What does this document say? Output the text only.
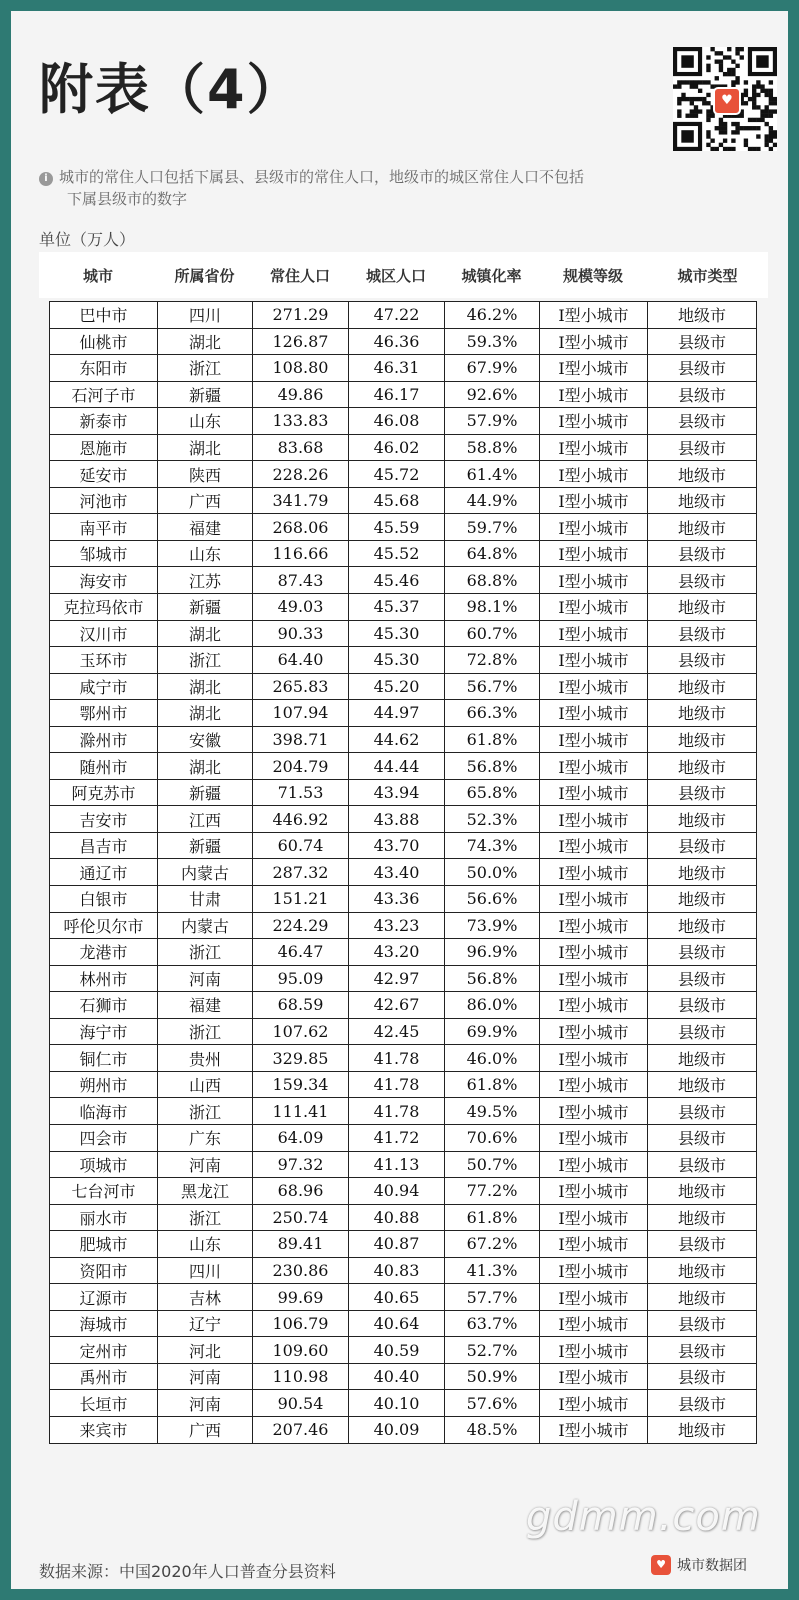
附表（4）	♥
i 城市的常住人口包括下属县、县级市的常住人口，地级市的城区常住人口不包括
下属县级市的数字
单位（万人）
城市	所属省份	常住人口	城区人口	城镇化率	规模等级	城市类型
巴中市	四川	271.29	47.22	46.2%	Ⅰ型小城市	地级市
仙桃市	湖北	126.87	46.36	59.3%	Ⅰ型小城市	县级市
东阳市	浙江	108.80	46.31	67.9%	Ⅰ型小城市	县级市
石河子市	新疆	49.86	46.17	92.6%	Ⅰ型小城市	县级市
新泰市	山东	133.83	46.08	57.9%	Ⅰ型小城市	县级市
恩施市	湖北	83.68	46.02	58.8%	Ⅰ型小城市	县级市
延安市	陕西	228.26	45.72	61.4%	Ⅰ型小城市	地级市
河池市	广西	341.79	45.68	44.9%	Ⅰ型小城市	地级市
南平市	福建	268.06	45.59	59.7%	Ⅰ型小城市	地级市
邹城市	山东	116.66	45.52	64.8%	Ⅰ型小城市	县级市
海安市	江苏	87.43	45.46	68.8%	Ⅰ型小城市	县级市
克拉玛依市	新疆	49.03	45.37	98.1%	Ⅰ型小城市	地级市
汉川市	湖北	90.33	45.30	60.7%	Ⅰ型小城市	县级市
玉环市	浙江	64.40	45.30	72.8%	Ⅰ型小城市	县级市
咸宁市	湖北	265.83	45.20	56.7%	Ⅰ型小城市	地级市
鄂州市	湖北	107.94	44.97	66.3%	Ⅰ型小城市	地级市
滁州市	安徽	398.71	44.62	61.8%	Ⅰ型小城市	地级市
随州市	湖北	204.79	44.44	56.8%	Ⅰ型小城市	地级市
阿克苏市	新疆	71.53	43.94	65.8%	Ⅰ型小城市	县级市
吉安市	江西	446.92	43.88	52.3%	Ⅰ型小城市	地级市
昌吉市	新疆	60.74	43.70	74.3%	Ⅰ型小城市	县级市
通辽市	内蒙古	287.32	43.40	50.0%	Ⅰ型小城市	地级市
白银市	甘肃	151.21	43.36	56.6%	Ⅰ型小城市	地级市
呼伦贝尔市	内蒙古	224.29	43.23	73.9%	Ⅰ型小城市	地级市
龙港市	浙江	46.47	43.20	96.9%	Ⅰ型小城市	县级市
林州市	河南	95.09	42.97	56.8%	Ⅰ型小城市	县级市
石狮市	福建	68.59	42.67	86.0%	Ⅰ型小城市	县级市
海宁市	浙江	107.62	42.45	69.9%	Ⅰ型小城市	县级市
铜仁市	贵州	329.85	41.78	46.0%	Ⅰ型小城市	地级市
朔州市	山西	159.34	41.78	61.8%	Ⅰ型小城市	地级市
临海市	浙江	111.41	41.78	49.5%	Ⅰ型小城市	县级市
四会市	广东	64.09	41.72	70.6%	Ⅰ型小城市	县级市
项城市	河南	97.32	41.13	50.7%	Ⅰ型小城市	县级市
七台河市	黑龙江	68.96	40.94	77.2%	Ⅰ型小城市	地级市
丽水市	浙江	250.74	40.88	61.8%	Ⅰ型小城市	地级市
肥城市	山东	89.41	40.87	67.2%	Ⅰ型小城市	县级市
资阳市	四川	230.86	40.83	41.3%	Ⅰ型小城市	地级市
辽源市	吉林	99.69	40.65	57.7%	Ⅰ型小城市	地级市
海城市	辽宁	106.79	40.64	63.7%	Ⅰ型小城市	县级市
定州市	河北	109.60	40.59	52.7%	Ⅰ型小城市	县级市
禹州市	河南	110.98	40.40	50.9%	Ⅰ型小城市	县级市
长垣市	河南	90.54	40.10	57.6%	Ⅰ型小城市	县级市
来宾市	广西	207.46	40.09	48.5%	Ⅰ型小城市	地级市
数据来源：中国2020年人口普查分县资料
gdmm.com
♥ 城市数据团
